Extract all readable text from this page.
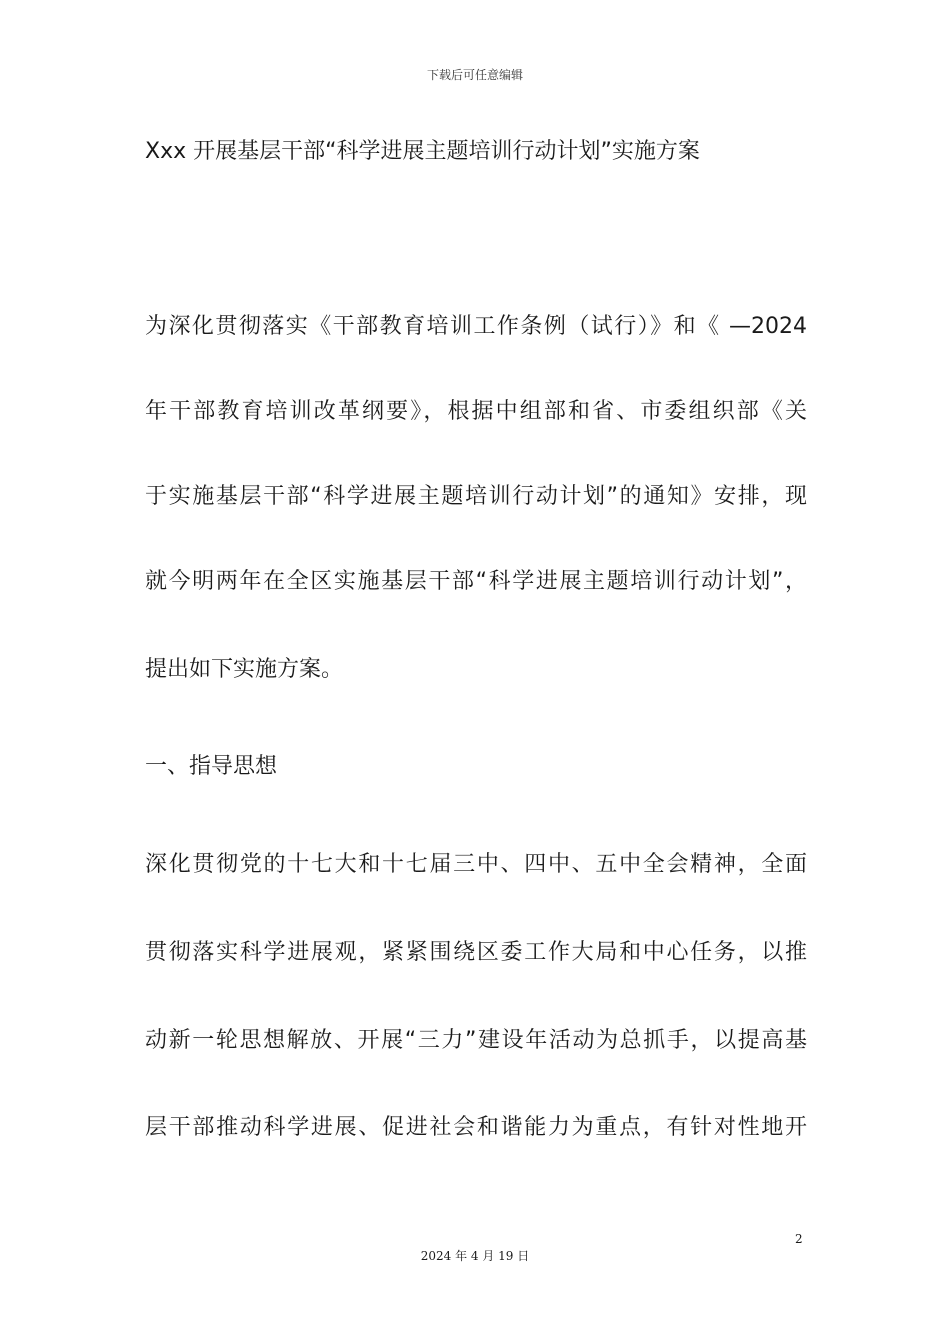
下载后可任意编辑
Xxx 开展基层干部“科学进展主题培训行动计划”实施方案
为深化贯彻落实《干部教育培训工作条例（试行）》和《 —2024
年干部教育培训改革纲要》，根据中组部和省、市委组织部《关
于实施基层干部“科学进展主题培训行动计划”的通知》安排，现
就今明两年在全区实施基层干部“科学进展主题培训行动计划”，
提出如下实施方案。
一、指导思想
深化贯彻党的十七大和十七届三中、四中、五中全会精神，全面
贯彻落实科学进展观，紧紧围绕区委工作大局和中心任务，以推
动新一轮思想解放、开展“三力”建设年活动为总抓手，以提高基
层干部推动科学进展、促进社会和谐能力为重点，有针对性地开
2
2024 年 4 月 19 日
